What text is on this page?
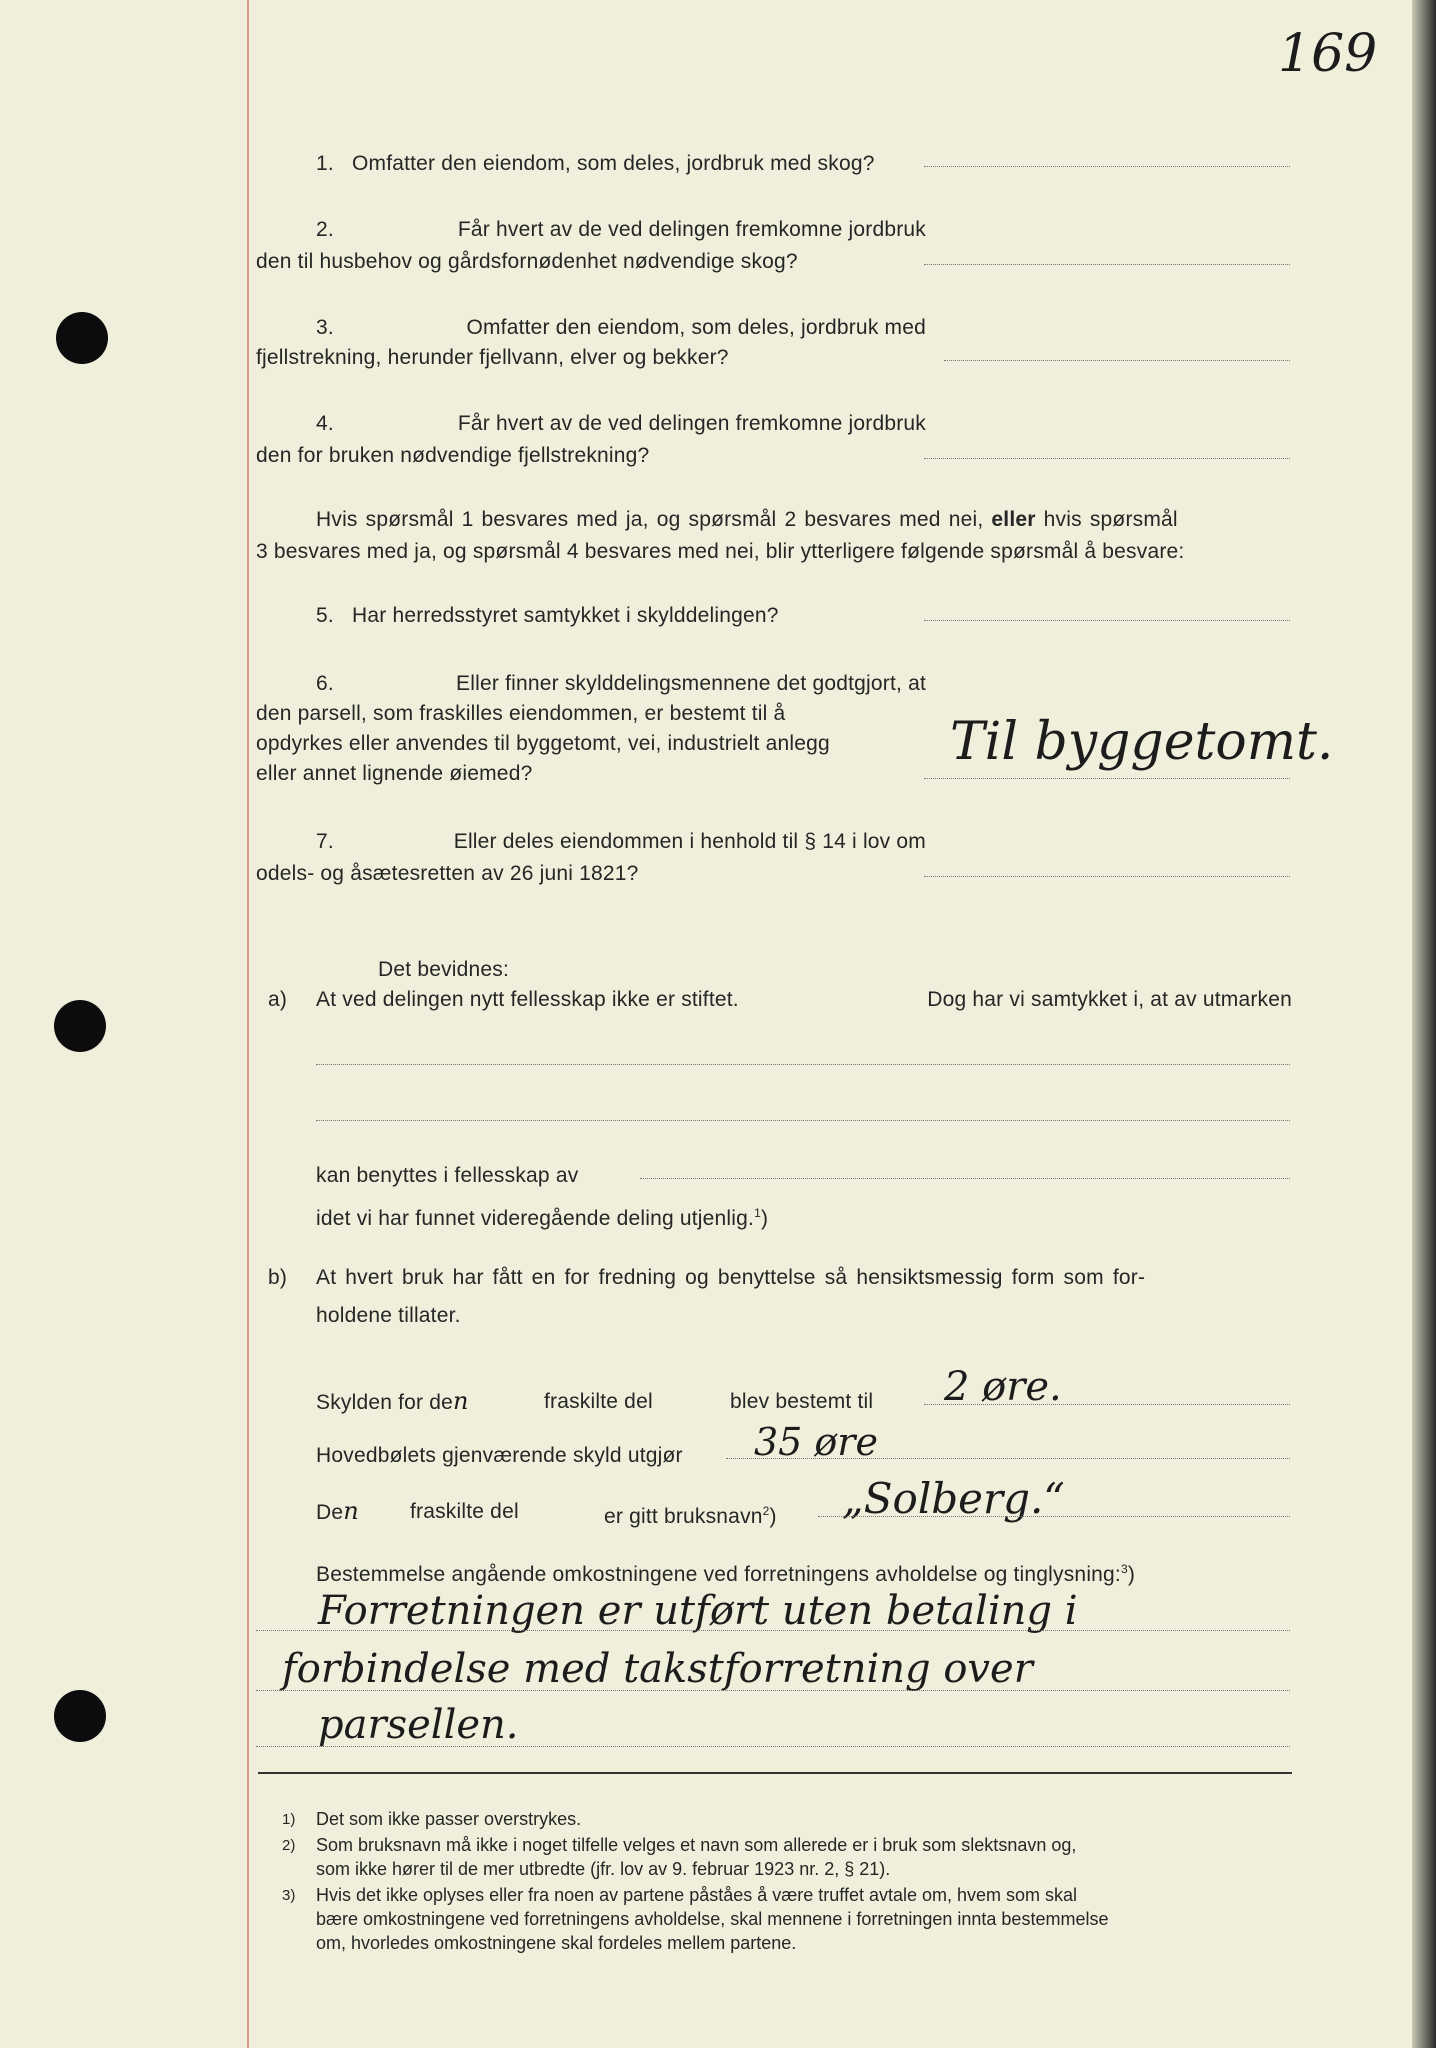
169
1. Omfatter den eiendom, som deles, jordbruk med skog?
2.	Får hvert av de ved delingen fremkomne jordbruk
den til husbehov og gårdsfornødenhet nødvendige skog?
3.	Omfatter den eiendom, som deles, jordbruk med
fjellstrekning, herunder fjellvann, elver og bekker?
4.	Får hvert av de ved delingen fremkomne jordbruk
den for bruken nødvendige fjellstrekning?
Hvis spørsmål 1 besvares med ja, og spørsmål 2 besvares med nei, eller hvis spørsmål
3 besvares med ja, og spørsmål 4 besvares med nei, blir ytterligere følgende spørsmål å besvare:
5. Har herredsstyret samtykket i skylddelingen?
6.	Eller finner skylddelingsmennene det godtgjort, at
den parsell, som fraskilles eiendommen, er bestemt til å
opdyrkes eller anvendes til byggetomt, vei, industrielt anlegg
eller annet lignende øiemed?
Til byggetomt.
7.	Eller deles eiendommen i henhold til § 14 i lov om
odels- og åsætesretten av 26 juni 1821?
Det bevidnes:
a) At ved delingen nytt fellesskap ikke er stiftet.	Dog har vi samtykket i, at av utmarken
kan benyttes i fellesskap av
idet vi har funnet videregående deling utjenlig.$^1$)
b) At hvert bruk har fått en for fredning og benyttelse så hensiktsmessig form som for-
holdene tillater.
Skylden for den	fraskilte del	blev bestemt til 2 øre.
Hovedbølets gjenværende skyld utgjør 35 øre
Den fraskilte del	er gitt bruksnavn$^2$) „Solberg.“
Bestemmelse angående omkostningene ved forretningens avholdelse og tinglysning:$^3$)
Forretningen er utført uten betaling i
forbindelse med takstforretning over
parsellen.
1) Det som ikke passer overstrykes.
2) Som bruksnavn må ikke i noget tilfelle velges et navn som allerede er i bruk som slektsnavn og,
som ikke hører til de mer utbredte (jfr. lov av 9. februar 1923 nr. 2, § 21).
3) Hvis det ikke oplyses eller fra noen av partene påståes å være truffet avtale om, hvem som skal
bære omkostningene ved forretningens avholdelse, skal mennene i forretningen innta bestemmelse
om, hvorledes omkostningene skal fordeles mellem partene.
